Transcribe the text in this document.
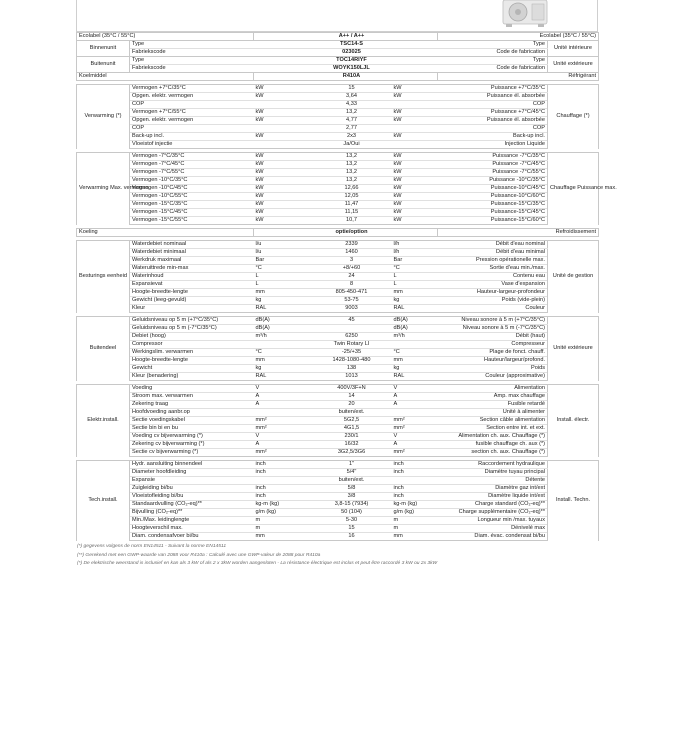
Ecolabel (35°C / 55°C)			A++ / A++		Ecolabel (35°C / 55°C)	
Binnenunit	Type		TSC14-S		Type	Unité intérieure
	Fabriekscode		023025		Code de fabrication	
Buitenunit	Type		TOC14RIYF		Type	Unité extérieure
	Fabriekscode		WOYK150LJL		Code de fabrication	
Koelmiddel			R410A		Réfrigérant	

Verwarming (*)	Vermogen +7°C/35°C	kW	15	kW	Puissance +7°C/35°C	Chauffage (*)
	Opgen. elektr. vermogen	kW	3,64	kW	Puissance él. absorbée	
	COP		4,33		COP	
	Vermogen +7°C/55°C	kW	13,2	kW	Puissance +7°C/45°C	
	Opgen. elektr. vermogen	kW	4,77	kW	Puissance él. absorbée	
	COP		2,77		COP	
	Back-up incl.	kW	2x3	kW	Back-up incl.	
	Vloeistof injectie		Ja/Oui		Injection Liquide	

Verwarming Max. vermogen	Vermogen -7°C/35°C	kW	13,2	kW	Puissance -7°C/35°C	Chauffage Puissance max.
	Vermogen -7°C/45°C	kW	13,2	kW	Puissance -7°C/45°C	
	Vermogen -7°C/55°C	kW	13,2	kW	Puissance -7°C/55°C	
	Vermogen -10°C/35°C	kW	13,2	kW	Puissance -10°C/35°C	
	Vermogen -10°C/45°C	kW	12,66	kW	Puissance-10°C/45°C	
	Vermogen -10°C/55°C	kW	12,05	kW	Puissance-10°C/60°C	
	Vermogen -15°C/35°C	kW	11,47	kW	Puissance-15°C/35°C	
	Vermogen -15°C/45°C	kW	11,15	kW	Puissance-15°C/45°C	
	Vermogen -15°C/55°C	kW	10,7	kW	Puissance-15°C/60°C	

Koeling			optie/option		Refroidissement	

Besturings eenheid	Waterdebiet nominaal	l/u	2339	l/h	Débit d'eau nominal	Unité de gestion
	Waterdebiet minimaal	l/u	1460	l/h	Débit d'eau minimal	
	Werkdruk maximaal	Bar	3	Bar	Pression opérationelle max.	
	Wateruittrede min-max	°C	+8/+60	°C	Sortie d'eau min./max.	
	Waterinhoud	L	24	L	Contenu eau	
	Expansievat	L	8	L	Vase d'expansion	
	Hoogte-breedte-lengte	mm	805-450-471	mm	Hauteur-largeur-profondeur	
	Gewicht (leeg-gevuld)	kg	53-75	kg	Poids (vide-plein)	
	Kleur	RAL	9003	RAL	Couleur	

Buitendeel	Geluidsniveau op 5 m (+7°C/35°C)	dB(A)	45	dB(A)	Niveau sonore à 5 m (+7°C/35°C)	Unité extérieure
	Geluidsniveau op 5 m (-7°C/35°C)	dB(A)		dB(A)	Niveau sonore à 5 m (-7°C/35°C)	
	Debiet (hoog)	m³/h	6250	m³/h	Débit (haut)	
	Compressor		Twin Rotary LI		Compresseur	
	Werkingslim. verwarmen	°C	-25/+35	°C	Plage de fonct. chauff.	
	Hoogte-breedte-lengte	mm	1428-1080-480	mm	Hauteur/largeur/profond.	
	Gewicht	kg	138	kg	Poids	
	Kleur (benadering)	RAL	1013	RAL	Couleur (approximative)	

Elektr.install.	Voeding	V	400V/3F+N	V	Alimentation	Install. électr.
	Stroom max. verwarmen	A	14	A	Amp. max chauffage	
	Zekering traag	A	20	A	Fusible retardé	
	Hoofdvoeding aanbr.op		buiten/ext.		Unité à alimenter	
	Sectie voedingskabel	mm²	5G2,5	mm²	Section câble alimentation	
	Sectie bin bi en bu	mm²	4G1,5	mm²	Section entre int. et ext.	
	Voeding cv bijverwarming (*)	V	230/1	V	Alimentation ch. aux. Chauffage (*)	
	Zekering cv bijverwarming (*)	A	16/32	A	fusible chauffage ch. aux (*)	
	Sectie cv bijverwarming (*)	mm²	3G2,5/3G6	mm²	section ch. aux. Chauffage (*)	

Tech.install.	Hydr. aansluiting binnendeel	inch	1"	inch	Raccordement hydraulique	Install. Techn.
	Diameter hoofdleiding	inch	5/4"	inch	Diamètre tuyau principal	
	Expansie		buiten/ext.		Détente	
	Zuigleiding bi/bu	inch	5/8	inch	Diamètre gaz int/ext	
	Vloeistofleiding bi/bu	inch	3/8	inch	Diamètre liquide int/ext	
	Standaardvulling (CO₂-eq)**	kg-m (kg)	3,8-15 (7934)	kg-m (kg)	Charge standard (CO₂-eq)**	
	Bijvulling (CO₂-eq)**	g/m (kg)	50 (104)	g/m (kg)	Charge supplémentaire (CO₂-eq)**	
	Min./Max. leidinglengte	m	5-30	m	Longueur min /max. tuyaux	
	Hoogteverschil max.	m	15	m	Dénivelé max	
	Diam. condensafvoer bi/bu	mm	16	mm	Diam. évac. condensat bi/bu	
(*) gegevens volgens de norm EN14511 - Suivant la norme EN14511
(**) Gerekend met een GWP-waarde van 2088 voor R410a : Calculé avec une GWP-valeur de 2088 pour R410a
(*) De elektrische weerstand is inclusief en kan als 3 kW of als 2 x 3kW worden aangesloten - La résistance électrique est inclus et peut être raccordé 3 kW ou 2x 3kW
